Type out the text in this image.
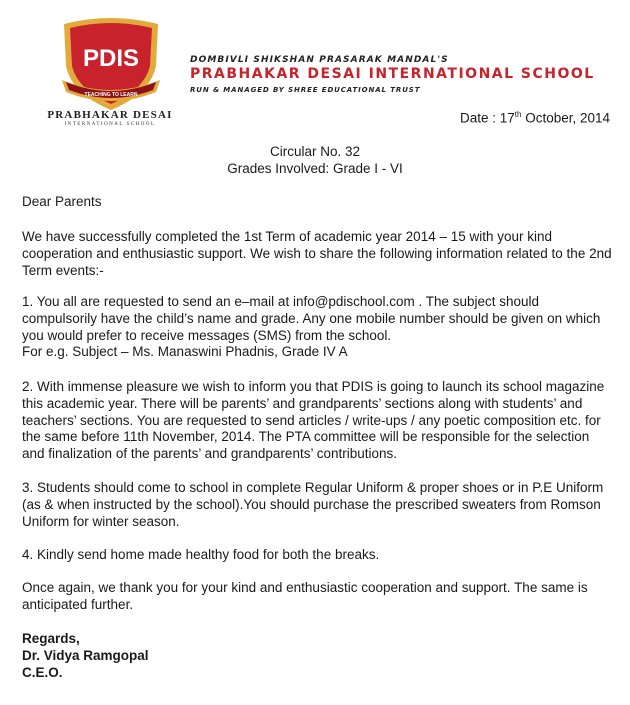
PDIS
TEACHING TO LEARN
PRABHAKAR DESAI
INTERNATIONAL SCHOOL
DOMBIVLI SHIKSHAN PRASARAK MANDAL'S
PRABHAKAR DESAI INTERNATIONAL SCHOOL
RUN & MANAGED BY SHREE EDUCATIONAL TRUST
Date : 17th October, 2014
Circular No. 32
Grades Involved: Grade I - VI
Dear Parents
We have successfully completed the 1st Term of academic year 2014 – 15 with your kind cooperation and enthusiastic support. We wish to share the following information related to the 2nd Term events:-
1. You all are requested to send an e–mail at info@pdischool.com . The subject should compulsorily have the child’s name and grade. Any one mobile number should be given on which you would prefer to receive messages (SMS) from the school.
For e.g. Subject – Ms. Manaswini Phadnis, Grade IV A
2. With immense pleasure we wish to inform you that PDIS is going to launch its school magazine this academic year. There will be parents’ and grandparents’ sections along with students’ and teachers’ sections. You are requested to send articles / write-ups / any poetic composition etc. for the same before 11th November, 2014. The PTA committee will be responsible for the selection and finalization of the parents’ and grandparents’ contributions.
3. Students should come to school in complete Regular Uniform & proper shoes or in P.E Uniform (as & when instructed by the school).You should purchase the prescribed sweaters from Romson Uniform for winter season.
4. Kindly send home made healthy food for both the breaks.
Once again, we thank you for your kind and enthusiastic cooperation and support. The same is anticipated further.
Regards,
Dr. Vidya Ramgopal
C.E.O.
